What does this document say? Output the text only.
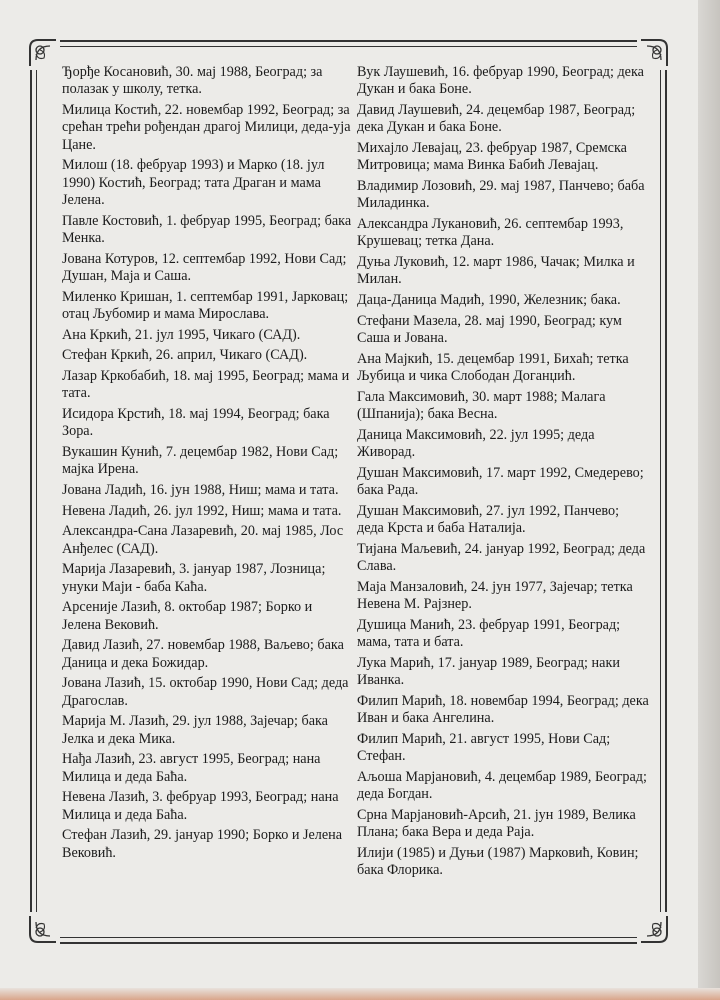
Ђорђе Косановић, 30. мај 1988, Београд; за полазак у школу, тетка.

Милица Костић, 22. новембар 1992, Београд; за срећан трећи рођендан драгој Милици, деда-уја Цане.

Милош (18. фебруар 1993) и Марко (18. јул 1990) Костић, Београд; тата Драган и мама Јелена.

Павле Костовић, 1. фебруар 1995, Београд; бака Менка.

Јована Котуров, 12. септембар 1992, Нови Сад; Душан, Маја и Саша.

Миленко Кришан, 1. септембар 1991, Јарковац; отац Љубомир и мама Мирослава.

Ана Кркић, 21. јул 1995, Чикаго (САД).

Стефан Кркић, 26. април, Чикаго (САД).

Лазар Кркобабић, 18. мај 1995, Београд; мама и тата.

Исидора Крстић, 18. мај 1994, Београд; бака Зора.

Вукашин Кунић, 7. децембар 1982, Нови Сад; мајка Ирена.

Јована Ладић, 16. јун 1988, Ниш; мама и тата.

Невена Ладић, 26. јул 1992, Ниш; мама и тата.

Александра-Сана Лазаревић, 20. мај 1985, Лос Анђелес (САД).

Марија Лазаревић, 3. јануар 1987, Лозница; унуки Маји - баба Каћа.

Арсеније Лазић, 8. октобар 1987; Борко и Јелена Вековић.

Давид Лазић, 27. новембар 1988, Ваљево; бака Даница и дека Божидар.

Јована Лазић, 15. октобар 1990, Нови Сад; деда Драгослав.

Марија М. Лазић, 29. јул 1988, Зајечар; бака Јелка и дека Мика.

Нађа Лазић, 23. август 1995, Београд; нана Милица и деда Баћа.

Невена Лазић, 3. фебруар 1993, Београд; нана Милица и деда Баћа.

Стефан Лазић, 29. јануар 1990; Борко и Јелена Вековић.

Вук Лаушевић, 16. фебруар 1990, Београд; дека Дукан и бака Боне.

Давид Лаушевић, 24. децембар 1987, Београд; дека Дукан и бака Боне.

Михајло Леваjац, 23. фебруар 1987, Сремска Митровица; мама Винка Бабић Леваjац.

Владимир Лозовић, 29. мај 1987, Панчево; баба Миладинка.

Александра Лукановић, 26. септембар 1993, Крушевац; тетка Дана.

Дуња Луковић, 12. март 1986, Чачак; Милка и Милан.

Даца-Даница Мадић, 1990, Железник; бака.

Стефани Мазела, 28. мај 1990, Београд; кум Саша и Јована.

Ана Мајкић, 15. децембар 1991, Бихаћ; тетка Љубица и чика Слободан Доганџић.

Гала Максимовић, 30. март 1988; Малага (Шпанија); бака Весна.

Даница Максимовић, 22. јул 1995; деда Живорад.

Душан Максимовић, 17. март 1992, Смедерево; бака Рада.

Душан Максимовић, 27. јул 1992, Панчево; деда Крста и баба Наталија.

Тијана Маљевић, 24. јануар 1992, Београд; деда Слава.

Маја Манзаловић, 24. јун 1977, Зајечар; тетка Невена М. Рајзнер.

Душица Манић, 23. фебруар 1991, Београд; мама, тата и бата.

Лука Марић, 17. јануар 1989, Београд; наки Иванка.

Филип Марић, 18. новембар 1994, Београд; дека Иван и бака Ангелина.

Филип Марић, 21. август 1995, Нови Сад; Стефан.

Аљоша Марјановић, 4. децембар 1989, Београд; деда Богдан.

Срна Марјановић-Арсић, 21. јун 1989, Велика Плана; бака Вера и деда Раја.

Илији (1985) и Дуњи (1987) Марковић, Ковин; бака Флорика.
